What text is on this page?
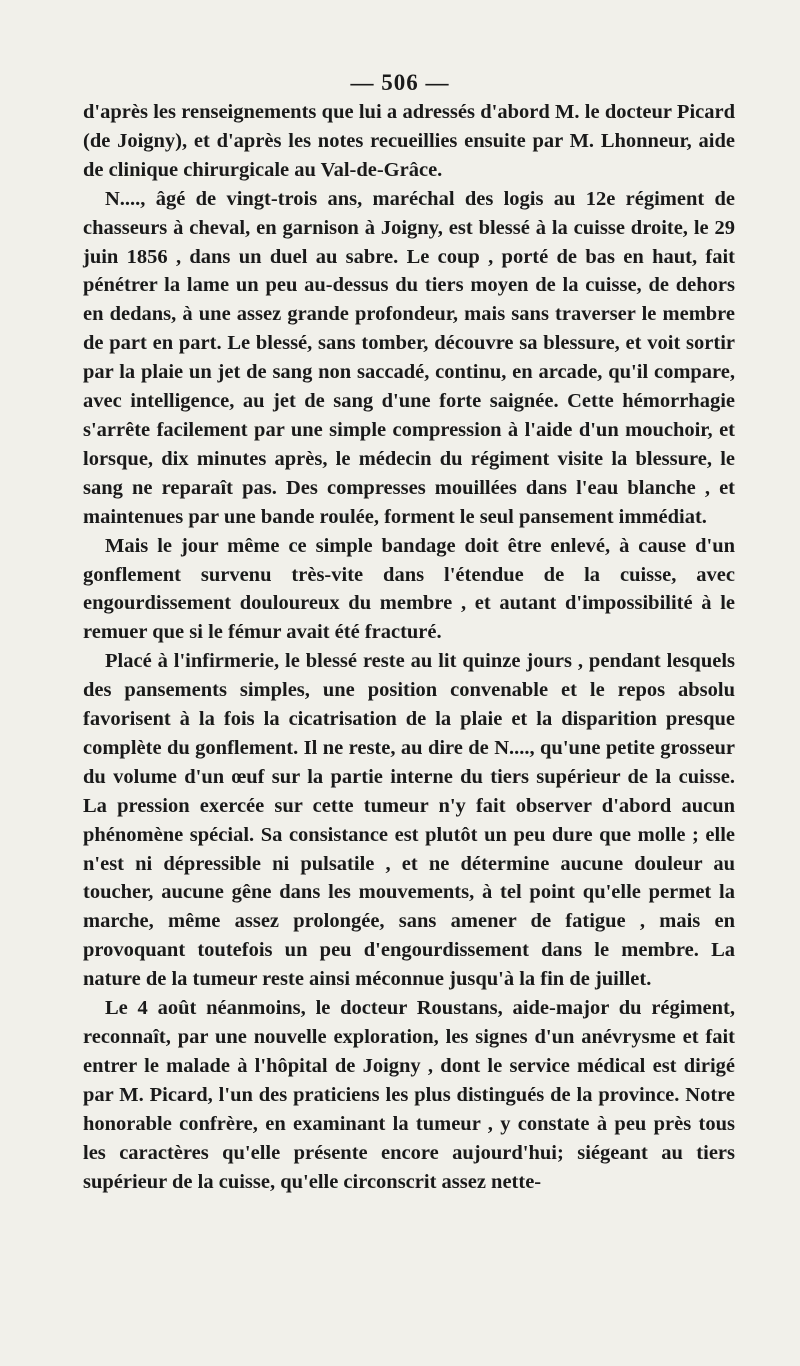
— 506 —

d'après les renseignements que lui a adressés d'abord M. le docteur Picard (de Joigny), et d'après les notes recueillies ensuite par M. Lhonneur, aide de clinique chirurgicale au Val-de-Grâce.

N...., âgé de vingt-trois ans, maréchal des logis au 12e régiment de chasseurs à cheval, en garnison à Joigny, est blessé à la cuisse droite, le 29 juin 1856 , dans un duel au sabre. Le coup , porté de bas en haut, fait pénétrer la lame un peu au-dessus du tiers moyen de la cuisse, de dehors en dedans, à une assez grande profondeur, mais sans traverser le membre de part en part. Le blessé, sans tomber, découvre sa blessure, et voit sortir par la plaie un jet de sang non saccadé, continu, en arcade, qu'il compare, avec intelligence, au jet de sang d'une forte saignée. Cette hémorrhagie s'arrête facilement par une simple compression à l'aide d'un mouchoir, et lorsque, dix minutes après, le médecin du régiment visite la blessure, le sang ne reparaît pas. Des compresses mouillées dans l'eau blanche , et maintenues par une bande roulée, forment le seul pansement immédiat.

Mais le jour même ce simple bandage doit être enlevé, à cause d'un gonflement survenu très-vite dans l'étendue de la cuisse, avec engourdissement douloureux du membre , et autant d'impossibilité à le remuer que si le fémur avait été fracturé.

Placé à l'infirmerie, le blessé reste au lit quinze jours , pendant lesquels des pansements simples, une position convenable et le repos absolu favorisent à la fois la cicatrisation de la plaie et la disparition presque complète du gonflement. Il ne reste, au dire de N...., qu'une petite grosseur du volume d'un œuf sur la partie interne du tiers supérieur de la cuisse. La pression exercée sur cette tumeur n'y fait observer d'abord aucun phénomène spécial. Sa consistance est plutôt un peu dure que molle ; elle n'est ni dépressible ni pulsatile , et ne détermine aucune douleur au toucher, aucune gêne dans les mouvements, à tel point qu'elle permet la marche, même assez prolongée, sans amener de fatigue , mais en provoquant toutefois un peu d'engourdissement dans le membre. La nature de la tumeur reste ainsi méconnue jusqu'à la fin de juillet.

Le 4 août néanmoins, le docteur Roustans, aide-major du régiment, reconnaît, par une nouvelle exploration, les signes d'un anévrysme et fait entrer le malade à l'hôpital de Joigny , dont le service médical est dirigé par M. Picard, l'un des praticiens les plus distingués de la province. Notre honorable confrère, en examinant la tumeur , y constate à peu près tous les caractères qu'elle présente encore aujourd'hui; siégeant au tiers supérieur de la cuisse, qu'elle circonscrit assez nette-
